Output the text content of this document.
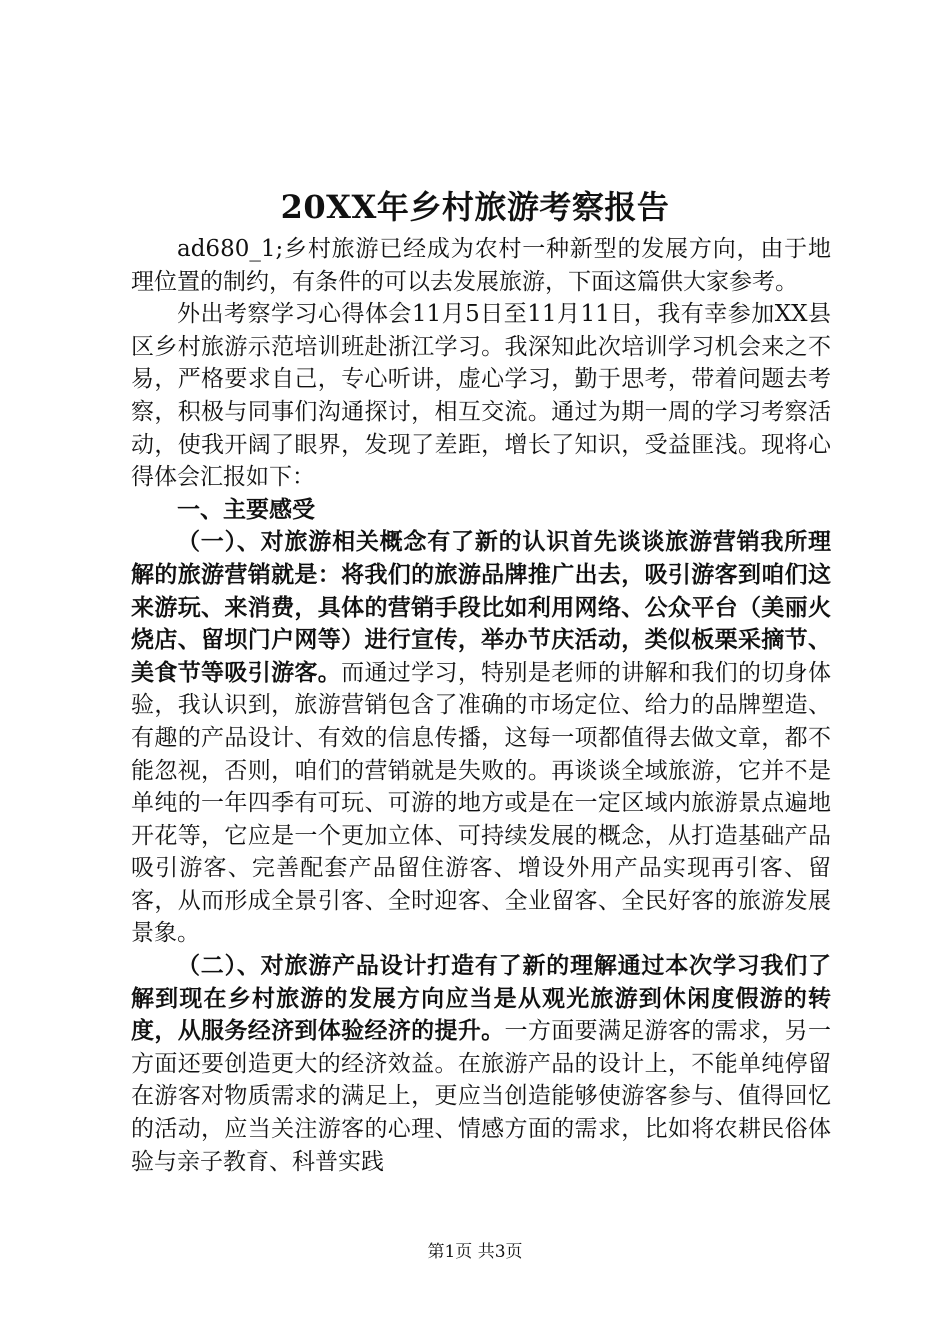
20XX年乡村旅游考察报告

ad680_1;乡村旅游已经成为农村一种新型的发展方向，由于地理位置的制约，有条件的可以去发展旅游，下面这篇供大家参考。

外出考察学习心得体会11月5日至11月11日，我有幸参加XX县区乡村旅游示范培训班赴浙江学习。我深知此次培训学习机会来之不易，严格要求自己，专心听讲，虚心学习，勤于思考，带着问题去考察，积极与同事们沟通探讨，相互交流。通过为期一周的学习考察活动，使我开阔了眼界，发现了差距，增长了知识，受益匪浅。现将心得体会汇报如下：

一、主要感受

（一）、对旅游相关概念有了新的认识首先谈谈旅游营销我所理解的旅游营销就是：将我们的旅游品牌推广出去，吸引游客到咱们这来游玩、来消费，具体的营销手段比如利用网络、公众平台（美丽火烧店、留坝门户网等）进行宣传，举办节庆活动，类似板栗采摘节、美食节等吸引游客。而通过学习，特别是老师的讲解和我们的切身体验，我认识到，旅游营销包含了准确的市场定位、给力的品牌塑造、有趣的产品设计、有效的信息传播，这每一项都值得去做文章，都不能忽视，否则，咱们的营销就是失败的。再谈谈全域旅游，它并不是单纯的一年四季有可玩、可游的地方或是在一定区域内旅游景点遍地开花等，它应是一个更加立体、可持续发展的概念，从打造基础产品吸引游客、完善配套产品留住游客、增设外用产品实现再引客、留客，从而形成全景引客、全时迎客、全业留客、全民好客的旅游发展景象。

（二）、对旅游产品设计打造有了新的理解通过本次学习我们了解到现在乡村旅游的发展方向应当是从观光旅游到休闲度假游的转度，从服务经济到体验经济的提升。一方面要满足游客的需求，另一方面还要创造更大的经济效益。在旅游产品的设计上，不能单纯停留在游客对物质需求的满足上，更应当创造能够使游客参与、值得回忆的活动，应当关注游客的心理、情感方面的需求，比如将农耕民俗体验与亲子教育、科普实践

第1页 共3页
